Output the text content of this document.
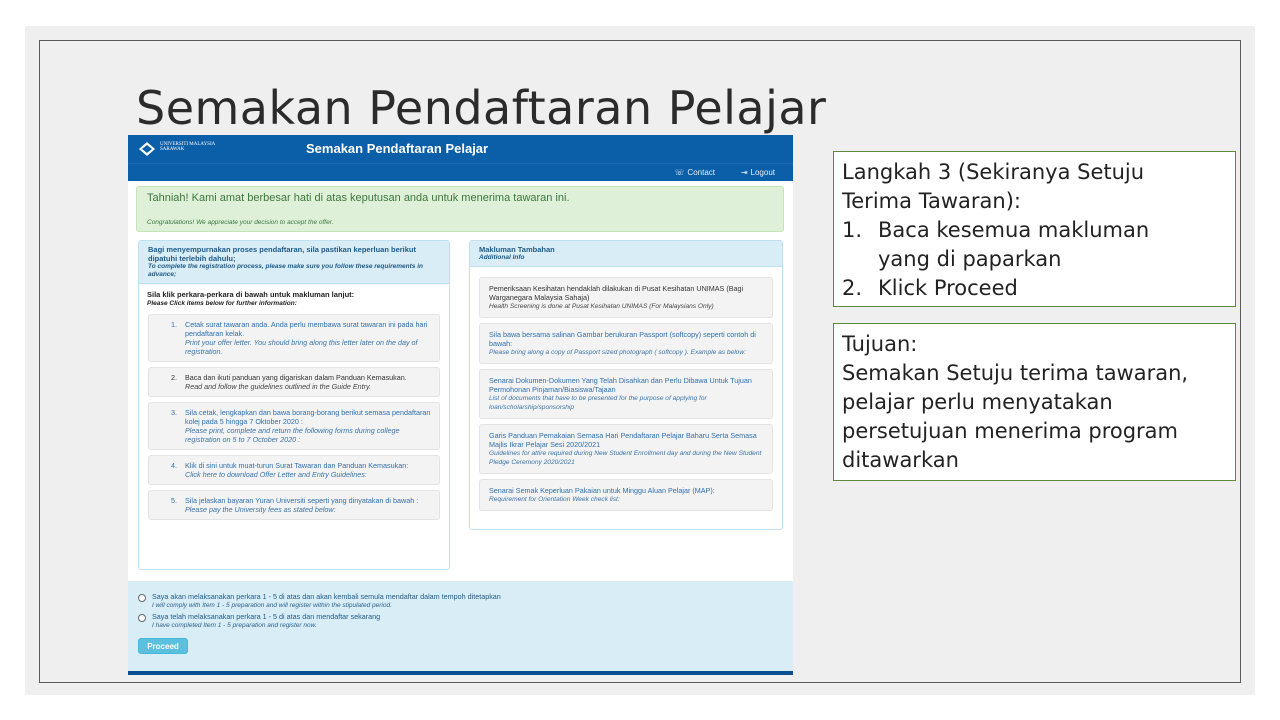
Semakan Pendaftaran Pelajar
UNIVERSITI MALAYSIA
SARAWAK	Semakan Pendaftaran Pelajar
☏ Contact	⇥ Logout
Tahniah! Kami amat berbesar hati di atas keputusan anda untuk menerima tawaran ini.
Congratulations! We appreciate your decision to accept the offer.
Bagi menyempurnakan proses pendaftaran, sila pastikan keperluan berikut dipatuhi terlebih dahulu;
To complete the registration process, please make sure you follow these requirements in advance;
Sila klik perkara-perkara di bawah untuk makluman lanjut:
Please Click items below for further information:
1. Cetak surat tawaran anda. Anda perlu membawa surat tawaran ini pada hari pendaftaran kelak.
Print your offer letter. You should bring along this letter later on the day of registration.
2. Baca dan ikuti panduan yang digariskan dalam Panduan Kemasukan.
Read and follow the guidelines outlined in the Guide Entry.
3. Sila cetak, lengkapkan dan bawa borang-borang berikut semasa pendaftaran kolej pada 5 hingga 7 Oktober 2020 :
Please print, complete and return the following forms during college registration on 5 to 7 October 2020 :
4. Klik di sini untuk muat-turun Surat Tawaran dan Panduan Kemasukan:
Click here to download Offer Letter and Entry Guidelines:
5. Sila jelaskan bayaran Yuran Universiti seperti yang dinyatakan di bawah :
Please pay the University fees as stated below:
Makluman Tambahan
Additional Info
Pemeriksaan Kesihatan hendaklah dilakukan di Pusat Kesihatan UNIMAS (Bagi Warganegara Malaysia Sahaja)
Health Screening is done at Pusat Kesihatan UNIMAS (For Malaysians Only)
Sila bawa bersama salinan Gambar berukuran Passport (softcopy) seperti contoh di bawah:
Please bring along a copy of Passport sized photograph ( softcopy ). Example as below:
Senarai Dokumen-Dokumen Yang Telah Disahkan dan Perlu Dibawa Untuk Tujuan Permohonan Pinjaman/Biasiswa/Tajaan
List of documents that have to be presented for the purpose of applying for loan/scholarship/sponsorship
Garis Panduan Pemakaian Semasa Hari Pendaftaran Pelajar Baharu Serta Semasa Majlis Ikrar Pelajar Sesi 2020/2021
Guidelines for attire required during New Student Enrollment day and during the New Student Pledge Ceremony 2020/2021
Senarai Semak Keperluan Pakaian untuk Minggu Aluan Pelajar (MAP):
Requirement for Orientation Week check list:
Saya akan melaksanakan perkara 1 - 5 di atas dan akan kembali semula mendaftar dalam tempoh ditetapkan
I will comply with Item 1 - 5 preparation and will register within the stipulated period.
Saya telah melaksanakan perkara 1 - 5 di atas dan mendaftar sekarang
I have completed Item 1 - 5 preparation and register now.
Proceed
Langkah 3 (Sekiranya Setuju
Terima Tawaran):
1. Baca kesemua makluman
yang di paparkan
2. Klick Proceed
Tujuan:
Semakan Setuju terima tawaran, pelajar perlu menyatakan persetujuan menerima program ditawarkan
